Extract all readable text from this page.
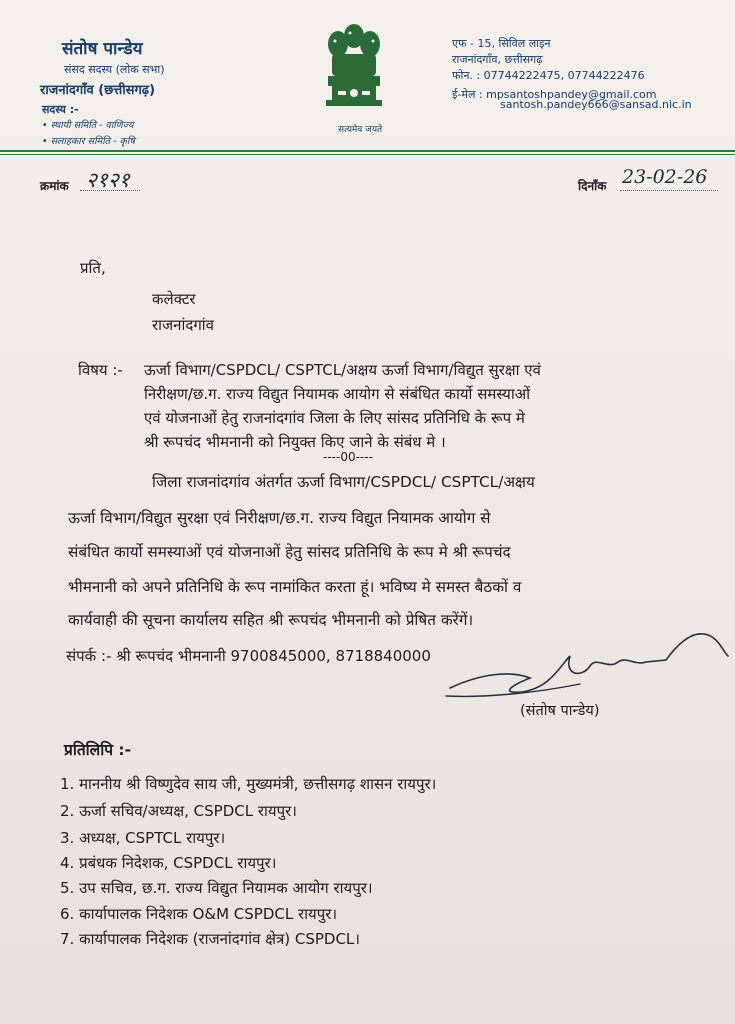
संतोष पान्डेय
संसद सदस्य (लोक सभा)
राजनांदगाँव (छत्तीसगढ़)
सदस्य :-
• स्थायी समिति - वाणिज्य
• सलाहकार समिति - कृषि
सत्यमेव जयते
एफ - 15, सिविल लाइन
राजनांदगाँव, छत्तीसगढ़
फोन. : 07744222475, 07744222476
ई-मेल : mpsantoshpandey@gmail.com
santosh.pandey666@sansad.nic.in
क्रमांक २१२१	दिनाँक 23-02-26
प्रति,
कलेक्टर
राजनांदगांव
विषय :- ऊर्जा विभाग/CSPDCL/ CSPTCL/अक्षय ऊर्जा विभाग/विद्युत सुरक्षा एवं
निरीक्षण/छ.ग. राज्य विद्युत नियामक आयोग से संबंधित कार्यो समस्याओं
एवं योजनाओं हेतु राजनांदगांव जिला के लिए सांसद प्रतिनिधि के रूप मे
श्री रूपचंद भीमनानी को नियुक्त किए जाने के संबंध मे ।
----00----
जिला राजनांदगांव अंतर्गत ऊर्जा विभाग/CSPDCL/ CSPTCL/अक्षय
ऊर्जा विभाग/विद्युत सुरक्षा एवं निरीक्षण/छ.ग. राज्य विद्युत नियामक आयोग से
संबंधित कार्यो समस्याओं एवं योजनाओं हेतु सांसद प्रतिनिधि के रूप मे श्री रूपचंद
भीमनानी को अपने प्रतिनिधि के रूप नामांकित करता हूं। भविष्य मे समस्त बैठकों व
कार्यवाही की सूचना कार्यालय सहित श्री रूपचंद भीमनानी को प्रेषित करेंगें।
संपर्क :- श्री रूपचंद भीमनानी 9700845000, 8718840000
(संतोष पान्डेय)
प्रतिलिपि :-
1. माननीय श्री विष्णुदेव साय जी, मुख्यमंत्री, छत्तीसगढ़ शासन रायपुर।
2. ऊर्जा सचिव/अध्यक्ष, CSPDCL रायपुर।
3. अध्यक्ष, CSPTCL रायपुर।
4. प्रबंधक निदेशक, CSPDCL रायपुर।
5. उप सचिव, छ.ग. राज्य विद्युत नियामक आयोग रायपुर।
6. कार्यापालक निदेशक O&M CSPDCL रायपुर।
7. कार्यापालक निदेशक (राजनांदगांव क्षेत्र) CSPDCL।
